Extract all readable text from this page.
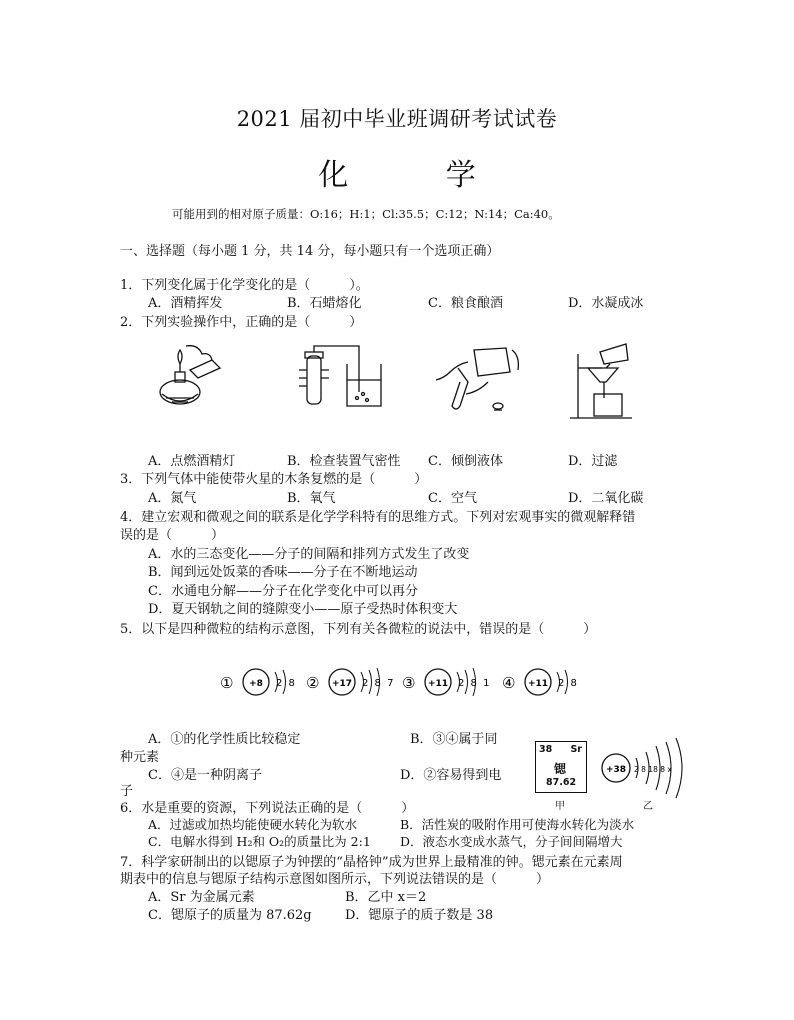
2021 届初中毕业班调研考试试卷
化 学
可能用到的相对原子质量：O:16；H:1；Cl:35.5；C:12；N:14；Ca:40。
一、选择题（每小题 1 分，共 14 分，每小题只有一个选项正确）
1．下列变化属于化学变化的是（　　　）。
A．酒精挥发	B．石蜡熔化	C．粮食酿酒	D．水凝成冰
2．下列实验操作中，正确的是（　　　）
A．点燃酒精灯	B．检查装置气密性 C．倾倒液体	D．过滤
3．下列气体中能使带火星的木条复燃的是（　　　）
A．氮气	B．氧气	C．空气	D．二氧化碳
4．建立宏观和微观之间的联系是化学学科特有的思维方式。下列对宏观事实的微观解释错
误的是（　　　）
A．水的三态变化——分子的间隔和排列方式发生了改变
B．闻到远处饭菜的香味——分子在不断地运动
C．水通电分解——分子在化学变化中可以再分
D．夏天钢轨之间的缝隙变小——原子受热时体积变大
5．以下是四种微粒的结构示意图，下列有关各微粒的说法中，错误的是（　　　）
① +8 2 8 ② +17 2 8 7 ③ +11 2 8 1 ④ +11 2 8
A．①的化学性质比较稳定
种元素
B．③④属于同
C．④是一种阴离子
子
D．②容易得到电
38 Sr
锶
87.62
甲
+38 2 8 18 8 x
乙
6．水是重要的资源，下列说法正确的是（　　　）
A．过滤或加热均能使硬水转化为软水	B．活性炭的吸附作用可使海水转化为淡水
C．电解水得到 H₂和 O₂的质量比为 2:1 D．液态水变成水蒸气，分子间间隔增大
7．科学家研制出的以锶原子为钟摆的“晶格钟”成为世界上最精准的钟。锶元素在元素周
期表中的信息与锶原子结构示意图如图所示，下列说法错误的是（　　　）
A．Sr 为金属元素	B．乙中 x＝2
C．锶原子的质量为 87.62g	D．锶原子的质子数是 38
